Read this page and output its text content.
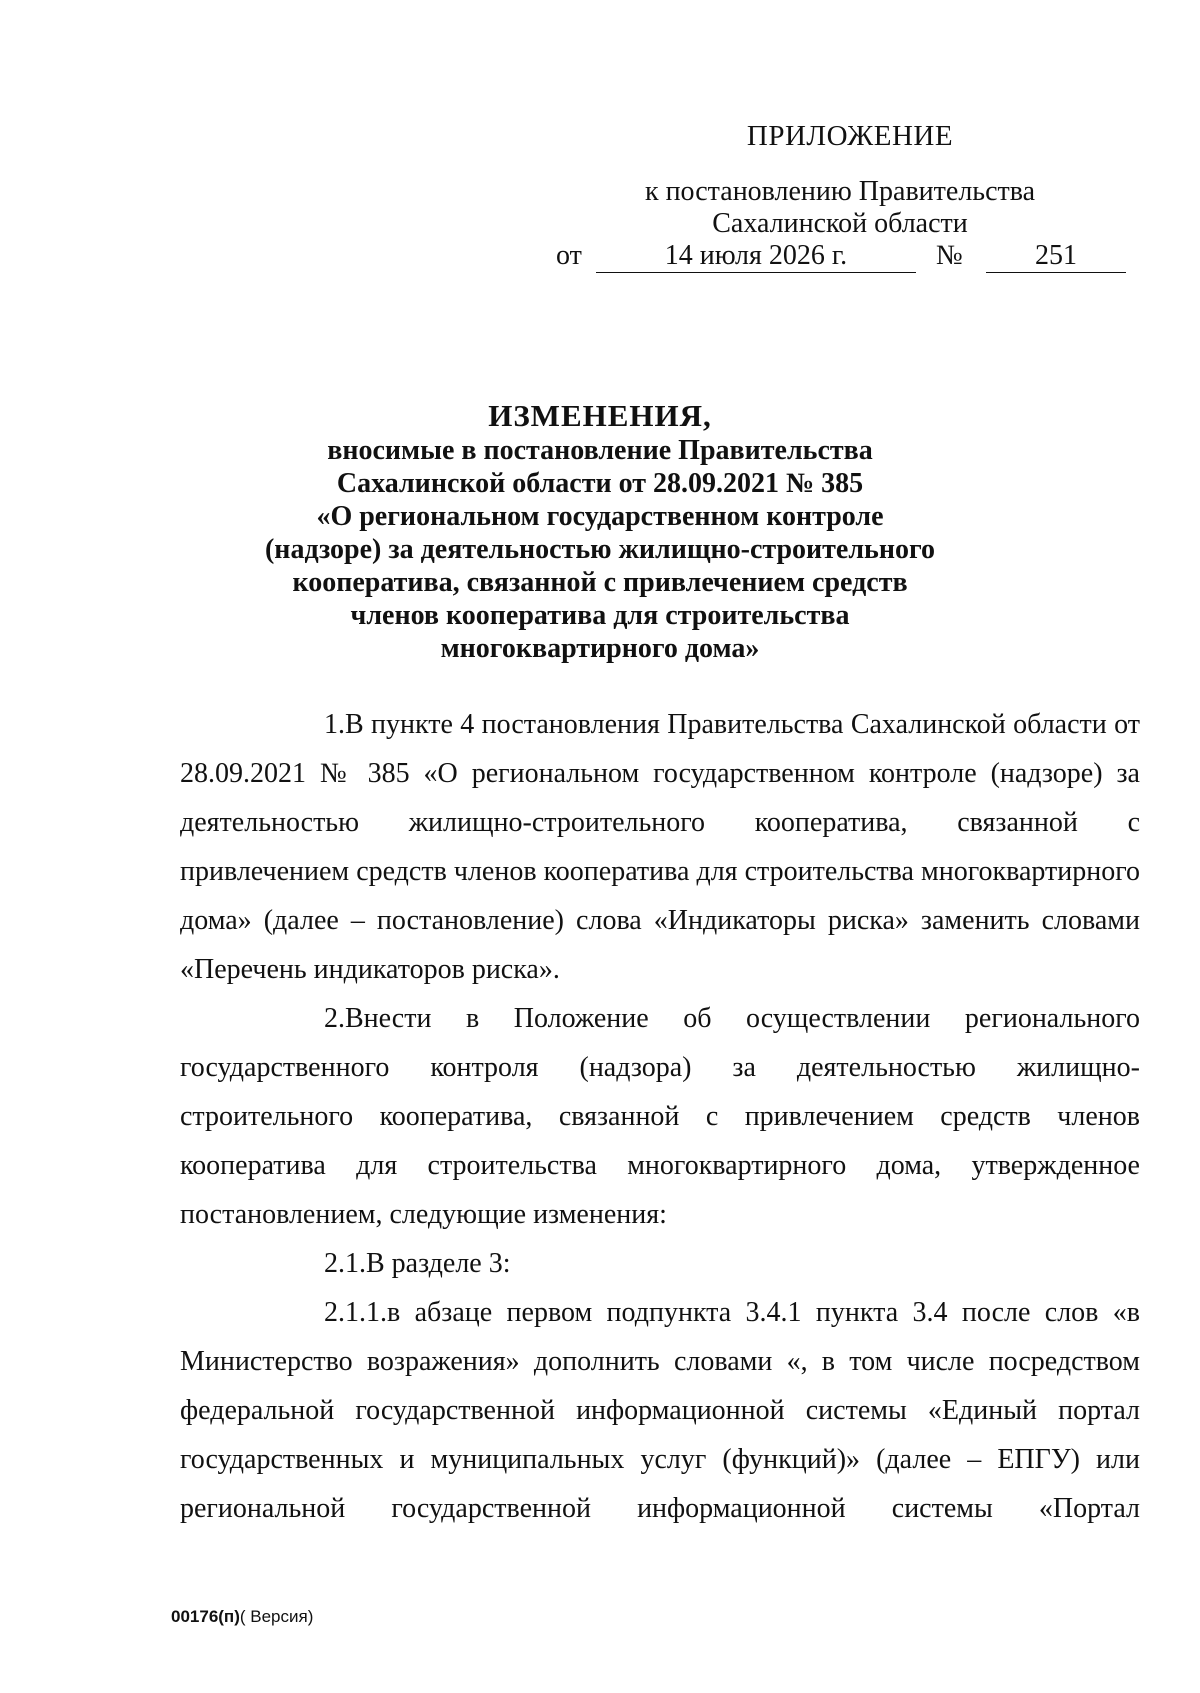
ПРИЛОЖЕНИЕ
к постановлению Правительства
Сахалинской области
от	14 июля 2026 г.	№	251
ИЗМЕНЕНИЯ,
вносимые в постановление Правительства
Сахалинской области от 28.09.2021 № 385
«О региональном государственном контроле
(надзоре) за деятельностью жилищно-строительного
кооператива, связанной с привлечением средств
членов кооператива для строительства
многоквартирного дома»

1.В пункте 4 постановления Правительства Сахалинской области от 28.09.2021 № 385 «О региональном государственном контроле (надзоре) за деятельностью жилищно-строительного кооператива, связанной с привлечением средств членов кооператива для строительства многоквартирного дома» (далее – постановление) слова «Индикаторы риска» заменить словами «Перечень индикаторов риска».

2.Внести в Положение об осуществлении регионального государственного контроля (надзора) за деятельностью жилищно-строительного кооператива, связанной с привлечением средств членов кооператива для строительства многоквартирного дома, утвержденное постановлением, следующие изменения:

2.1.В разделе 3:

2.1.1.в абзаце первом подпункта 3.4.1 пункта 3.4 после слов «в Министерство возражения» дополнить словами «, в том числе посредством федеральной государственной информационной системы «Единый портал государственных и муниципальных услуг (функций)» (далее – ЕПГУ) или региональной государственной информационной системы «Портал

00176(п)( Версия)
